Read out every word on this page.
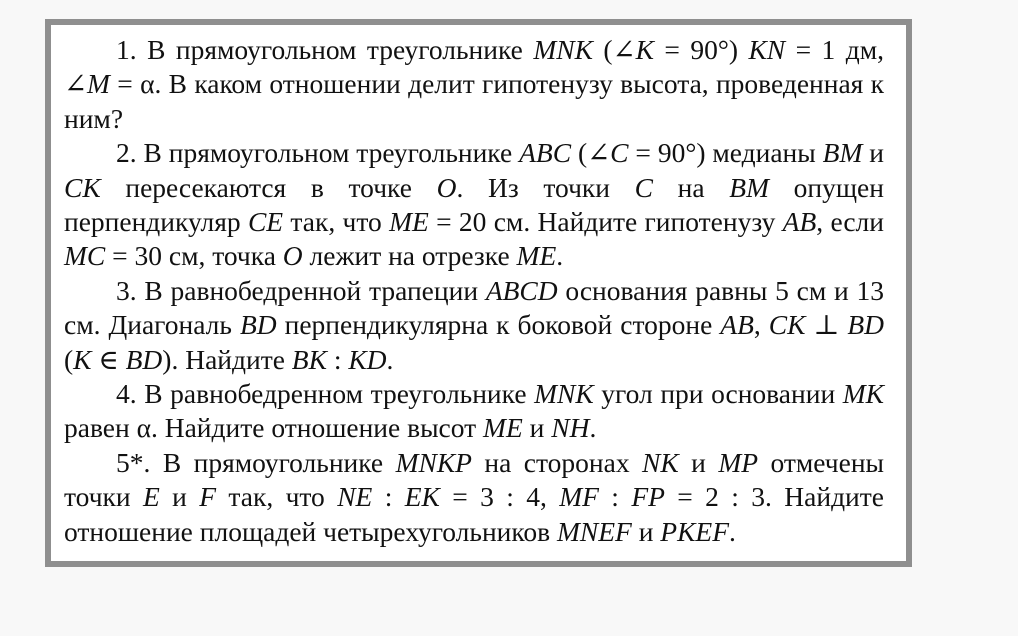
1. В прямоугольном треугольнике MNK (∠K = 90°) KN = 1 дм, ∠M = α. В каком отношении делит гипотенузу высота, проведенная к ним?

2. В прямоугольном треугольнике ABC (∠C = 90°) медианы BM и CK пересекаются в точке O. Из точки C на BM опущен перпендикуляр CE так, что ME = 20 см. Найдите гипотенузу AB, если MC = 30 см, точка O лежит на отрезке ME.

3. В равнобедренной трапеции ABCD основания равны 5 см и 13 см. Диагональ BD перпендикулярна к боковой стороне AB, CK ⊥ BD (K ∈ BD). Найдите BK : KD.

4. В равнобедренном треугольнике MNK угол при основании MK равен α. Найдите отношение высот ME и NH.

5*. В прямоугольнике MNKP на сторонах NK и MP отмечены точки E и F так, что NE : EK = 3 : 4, MF : FP = 2 : 3. Найдите отношение площадей четырехугольников MNEF и PKEF.
